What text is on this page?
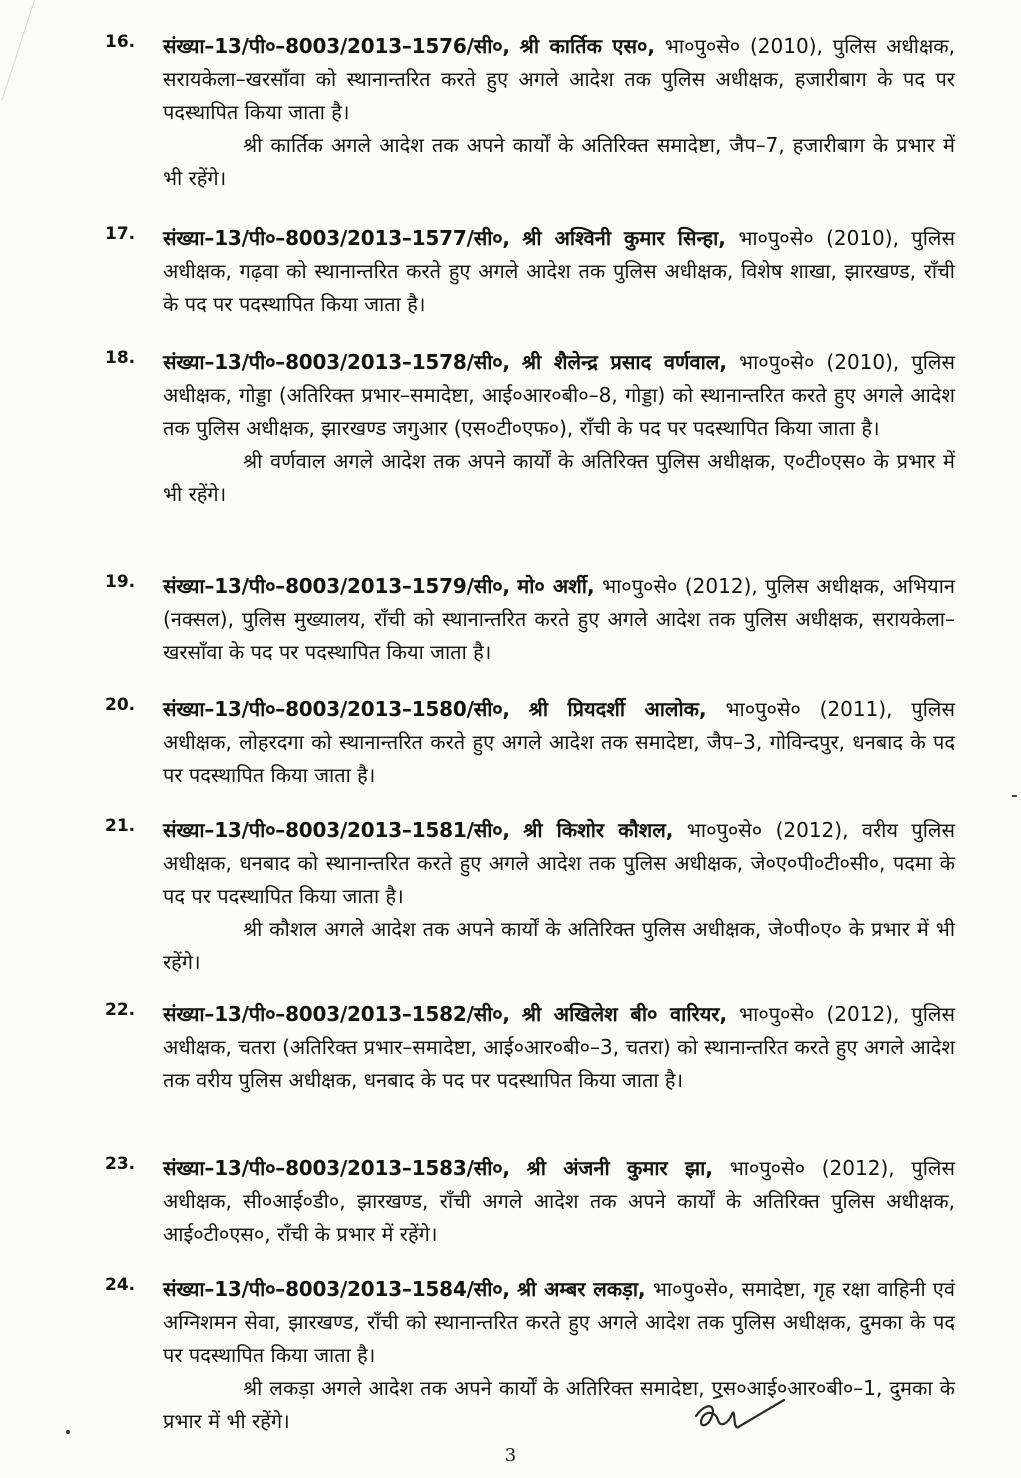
16.	संख्या–13/पी०–8003/2013–1576/सी०, श्री कार्तिक एस०, भा०पु०से० (2010), पुलिस अधीक्षक, सरायकेला–खरसाँवा को स्थानान्तरित करते हुए अगले आदेश तक पुलिस अधीक्षक, हजारीबाग के पद पर पदस्थापित किया जाता है।
श्री कार्तिक अगले आदेश तक अपने कार्यों के अतिरिक्त समादेष्टा, जैप–7, हजारीबाग के प्रभार में भी रहेंगे।
17.	संख्या–13/पी०–8003/2013–1577/सी०, श्री अश्विनी कुमार सिन्हा, भा०पु०से० (2010), पुलिस अधीक्षक, गढ़वा को स्थानान्तरित करते हुए अगले आदेश तक पुलिस अधीक्षक, विशेष शाखा, झारखण्ड, राँची के पद पर पदस्थापित किया जाता है।
18.	संख्या–13/पी०–8003/2013–1578/सी०, श्री शैलेन्द्र प्रसाद वर्णवाल, भा०पु०से० (2010), पुलिस अधीक्षक, गोड्डा (अतिरिक्त प्रभार–समादेष्टा, आई०आर०बी०–8, गोड्डा) को स्थानान्तरित करते हुए अगले आदेश तक पुलिस अधीक्षक, झारखण्ड जगुआर (एस०टी०एफ०), राँची के पद पर पदस्थापित किया जाता है।
श्री वर्णवाल अगले आदेश तक अपने कार्यों के अतिरिक्त पुलिस अधीक्षक, ए०टी०एस० के प्रभार में भी रहेंगे।
19.	संख्या–13/पी०–8003/2013–1579/सी०, मो० अर्शी, भा०पु०से० (2012), पुलिस अधीक्षक, अभियान (नक्सल), पुलिस मुख्यालय, राँची को स्थानान्तरित करते हुए अगले आदेश तक पुलिस अधीक्षक, सरायकेला–खरसाँवा के पद पर पदस्थापित किया जाता है।
20.	संख्या–13/पी०–8003/2013–1580/सी०, श्री प्रियदर्शी आलोक, भा०पु०से० (2011), पुलिस अधीक्षक, लोहरदगा को स्थानान्तरित करते हुए अगले आदेश तक समादेष्टा, जैप–3, गोविन्दपुर, धनबाद के पद पर पदस्थापित किया जाता है।
21.	संख्या–13/पी०–8003/2013–1581/सी०, श्री किशोर कौशल, भा०पु०से० (2012), वरीय पुलिस अधीक्षक, धनबाद को स्थानान्तरित करते हुए अगले आदेश तक पुलिस अधीक्षक, जे०ए०पी०टी०सी०, पदमा के पद पर पदस्थापित किया जाता है।
श्री कौशल अगले आदेश तक अपने कार्यों के अतिरिक्त पुलिस अधीक्षक, जे०पी०ए० के प्रभार में भी रहेंगे।
22.	संख्या–13/पी०–8003/2013–1582/सी०, श्री अखिलेश बी० वारियर, भा०पु०से० (2012), पुलिस अधीक्षक, चतरा (अतिरिक्त प्रभार–समादेष्टा, आई०आर०बी०–3, चतरा) को स्थानान्तरित करते हुए अगले आदेश तक वरीय पुलिस अधीक्षक, धनबाद के पद पर पदस्थापित किया जाता है।
23.	संख्या–13/पी०–8003/2013–1583/सी०, श्री अंजनी कुमार झा, भा०पु०से० (2012), पुलिस अधीक्षक, सी०आई०डी०, झारखण्ड, राँची अगले आदेश तक अपने कार्यों के अतिरिक्त पुलिस अधीक्षक, आई०टी०एस०, राँची के प्रभार में रहेंगे।
24.	संख्या–13/पी०–8003/2013–1584/सी०, श्री अम्बर लकड़ा, भा०पु०से०, समादेष्टा, गृह रक्षा वाहिनी एवं अग्निशमन सेवा, झारखण्ड, राँची को स्थानान्तरित करते हुए अगले आदेश तक पुलिस अधीक्षक, दुमका के पद पर पदस्थापित किया जाता है।
श्री लकड़ा अगले आदेश तक अपने कार्यों के अतिरिक्त समादेष्टा, एस०आई०आर०बी०–1, दुमका के प्रभार में भी रहेंगे।
3
